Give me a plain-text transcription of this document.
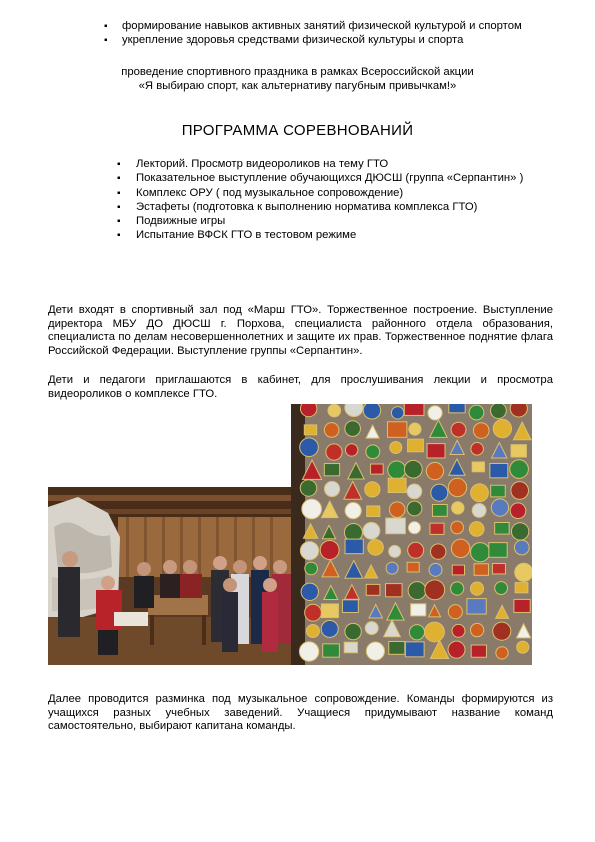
▪ формирование навыков активных занятий физической культурой и спортом
▪ укрепление здоровья средствами физической культуры и спорта
проведение спортивного праздника в рамках Всероссийской акции
«Я выбираю спорт, как альтернативу пагубным привычкам!»
ПРОГРАММА СОРЕВНОВАНИЙ
▪ Лекторий. Просмотр видеороликов на тему ГТО
▪ Показательное выступление обучающихся ДЮСШ (группа «Серпантин» )
▪ Комплекс ОРУ ( под музыкальное сопровождение)
▪ Эстафеты (подготовка к выполнению норматива комплекса ГТО)
▪ Подвижные игры
▪ Испытание ВФСК ГТО в тестовом режиме
Дети входят в спортивный зал под «Марш ГТО». Торжественное построение. Выступление директора МБУ ДО ДЮСШ г. Порхова, специалиста районного отдела образования, специалиста по делам несовершеннолетних и защите их прав. Торжественное поднятие флага Российской Федерации. Выступление группы «Серпантин».
Дети и педагоги приглашаются в кабинет, для прослушивания лекции и просмотра видеороликов о комплексе ГТО.
Далее проводится разминка под музыкальное сопровождение. Команды формируются из учащихся разных учебных заведений. Учащиеся придумывают название команд самостоятельно, выбирают капитана команды.
